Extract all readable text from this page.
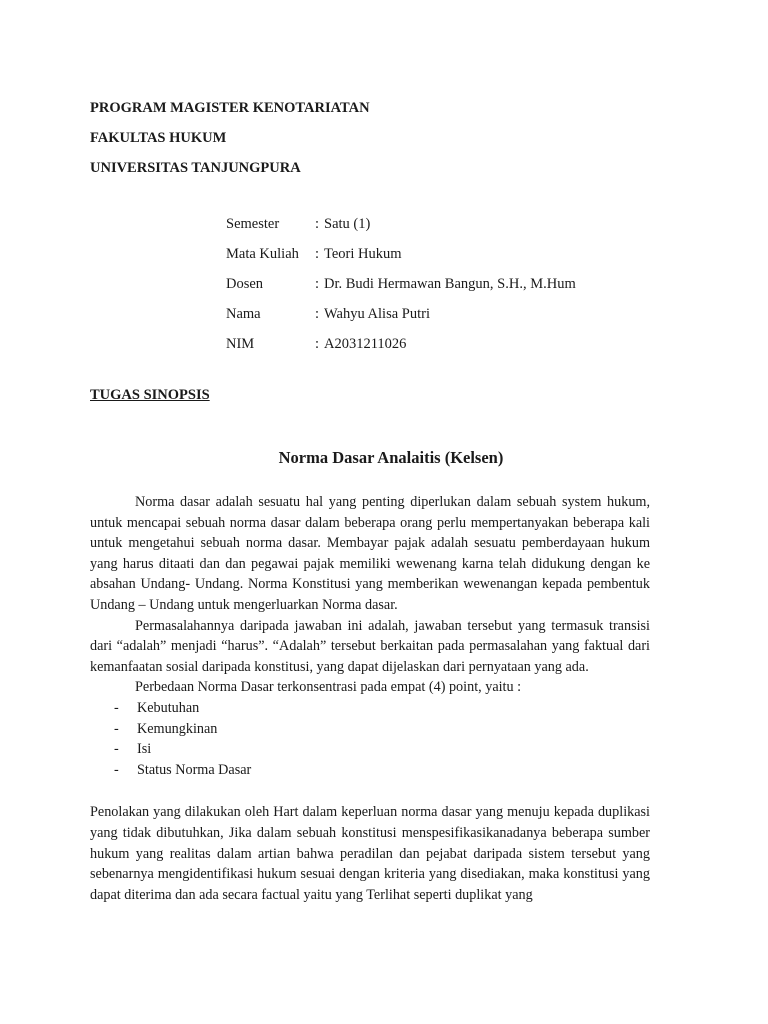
PROGRAM MAGISTER KENOTARIATAN
FAKULTAS HUKUM
UNIVERSITAS TANJUNGPURA
Semester	: Satu (1)
Mata Kuliah	: Teori Hukum
Dosen	: Dr. Budi Hermawan Bangun, S.H., M.Hum
Nama	: Wahyu Alisa Putri
NIM	: A2031211026
TUGAS SINOPSIS
Norma Dasar Analaitis (Kelsen)

Norma dasar adalah sesuatu hal yang penting diperlukan dalam sebuah system hukum, untuk mencapai sebuah norma dasar dalam beberapa orang perlu mempertanyakan beberapa kali untuk mengetahui sebuah norma dasar. Membayar pajak adalah sesuatu pemberdayaan hukum yang harus ditaati dan dan pegawai pajak memiliki wewenang karna telah didukung dengan ke absahan Undang- Undang. Norma Konstitusi yang memberikan wewenangan kepada pembentuk Undang – Undang untuk mengerluarkan Norma dasar.

Permasalahannya daripada jawaban ini adalah, jawaban tersebut yang termasuk transisi dari “adalah” menjadi “harus”. “Adalah” tersebut berkaitan pada permasalahan yang faktual dari kemanfaatan sosial daripada konstitusi, yang dapat dijelaskan dari pernyataan yang ada.

Perbedaan Norma Dasar terkonsentrasi pada empat (4) point, yaitu :

-	Kebutuhan
-	Kemungkinan
-	Isi
-	Status Norma Dasar

Penolakan yang dilakukan oleh Hart dalam keperluan norma dasar yang menuju kepada duplikasi yang tidak dibutuhkan, Jika dalam sebuah konstitusi menspesifikasikanadanya beberapa sumber hukum yang realitas dalam artian bahwa peradilan dan pejabat daripada sistem tersebut yang sebenarnya mengidentifikasi hukum sesuai dengan kriteria yang disediakan, maka konstitusi yang dapat diterima dan ada secara factual yaitu yang Terlihat seperti duplikat yang
